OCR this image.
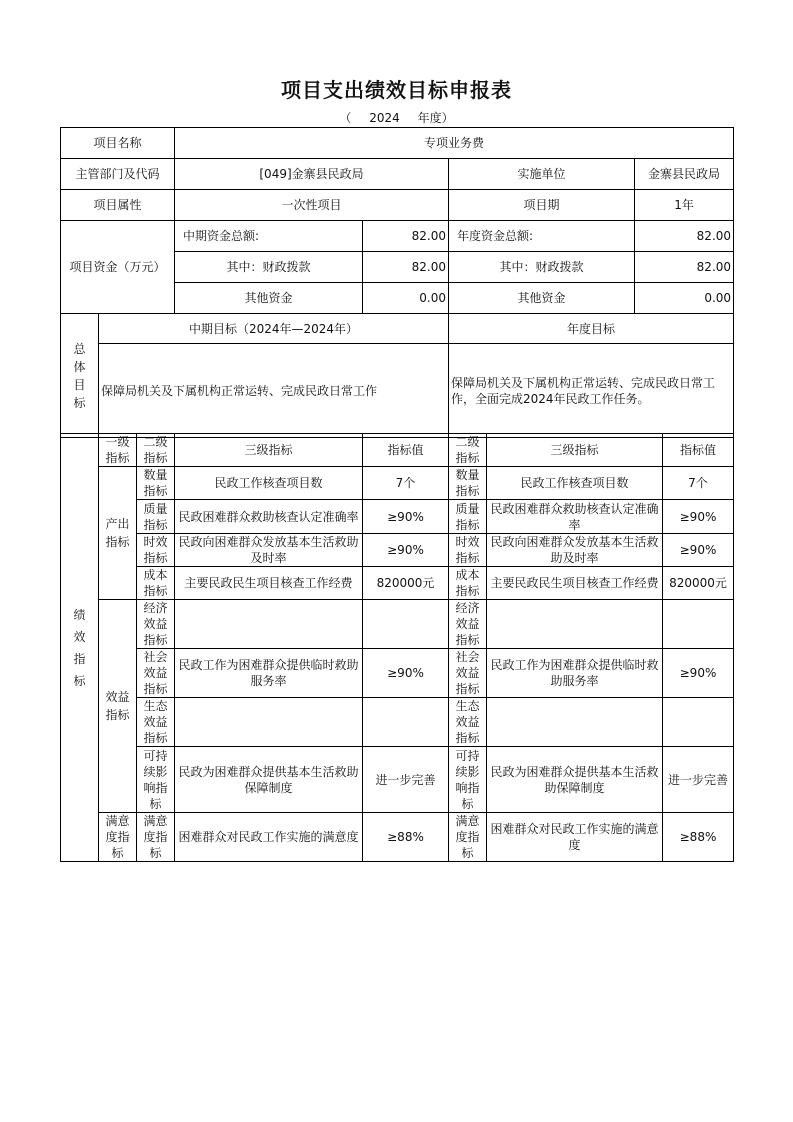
项目支出绩效目标申报表
（ 2024 年度）
项目名称		专项业务费			
主管部门及代码		[049]金寨县民政局		实施单位	金寨县民政局
项目属性		一次性项目		项目期	1年
项目资金（万元）		中期资金总额:	82.00	年度资金总额:	82.00
		其中：财政拨款	82.00	其中：财政拨款	82.00
		其他资金	0.00	其他资金	0.00
总体目标	中期目标（2024年—2024年）			年度目标	
	保障局机关及下属机构正常运转、完成民政日常工作			保障局机关及下属机构正常运转、完成民政日常工作，全面完成2024年民政工作任务。	
绩效指标	一级指标	二级指标	三级指标	指标值	二级指标	三级指标	指标值
	产出指标	数量指标	民政工作核查项目数	7个	数量指标	民政工作核查项目数	7个
		质量指标	民政困难群众救助核查认定准确率	≥90%	质量指标	民政困难群众救助核查认定准确率	≥90%
		时效指标	民政向困难群众发放基本生活救助及时率	≥90%	时效指标	民政向困难群众发放基本生活救助及时率	≥90%
		成本指标	主要民政民生项目核查工作经费	820000元	成本指标	主要民政民生项目核查工作经费	820000元
	效益指标	经济效益指标			经济效益指标		
		社会效益指标	民政工作为困难群众提供临时救助服务率	≥90%	社会效益指标	民政工作为困难群众提供临时救助服务率	≥90%
		生态效益指标			生态效益指标		
		可持续影响指标	民政为困难群众提供基本生活救助保障制度	进一步完善	可持续影响指标	民政为困难群众提供基本生活救助保障制度	进一步完善
	满意度指标	满意度指标	困难群众对民政工作实施的满意度	≥88%	满意度指标	困难群众对民政工作实施的满意度	≥88%
